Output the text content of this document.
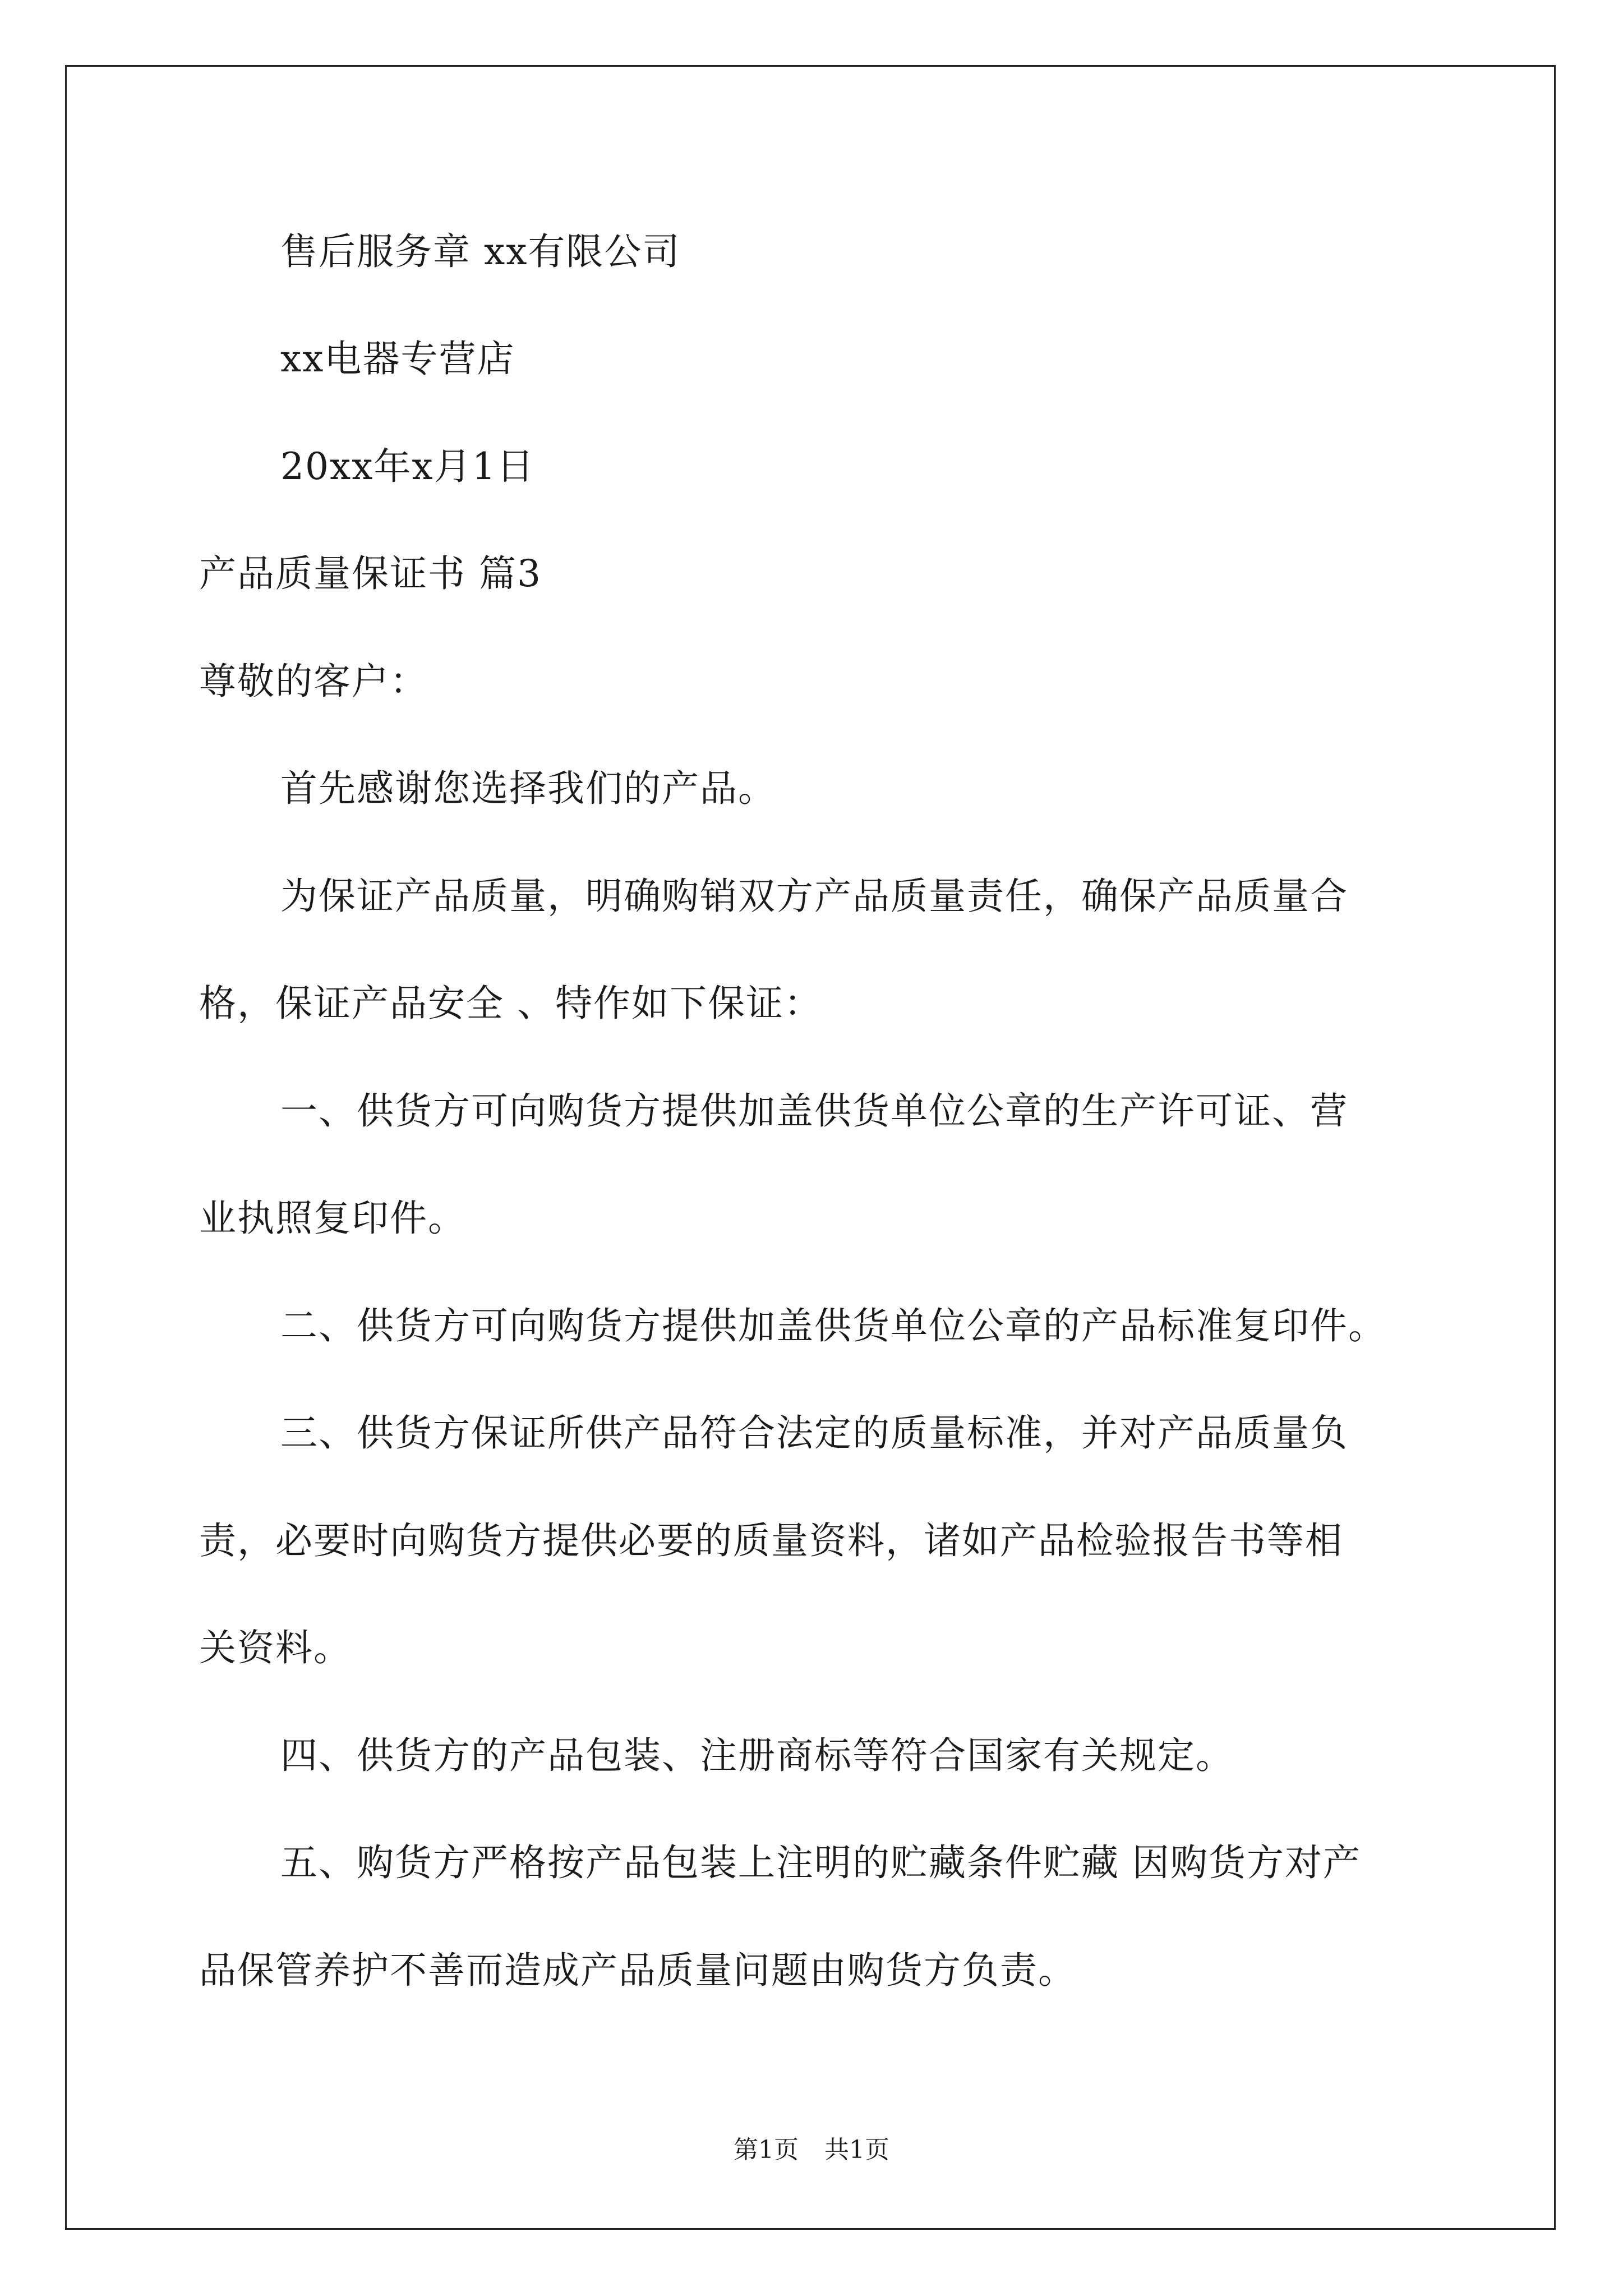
售后服务章 xx有限公司
xx电器专营店
20xx年x月1日
产品质量保证书 篇3
尊敬的客户：
首先感谢您选择我们的产品。
为保证产品质量，明确购销双方产品质量责任，确保产品质量合
格，保证产品安全 、特作如下保证：
一、供货方可向购货方提供加盖供货单位公章的生产许可证、营
业执照复印件。
二、供货方可向购货方提供加盖供货单位公章的产品标准复印件。
三、供货方保证所供产品符合法定的质量标准，并对产品质量负
责，必要时向购货方提供必要的质量资料，诸如产品检验报告书等相
关资料。
四、供货方的产品包装、注册商标等符合国家有关规定。
五、购货方严格按产品包装上注明的贮藏条件贮藏 因购货方对产
品保管养护不善而造成产品质量问题由购货方负责。
第1页 共1页
